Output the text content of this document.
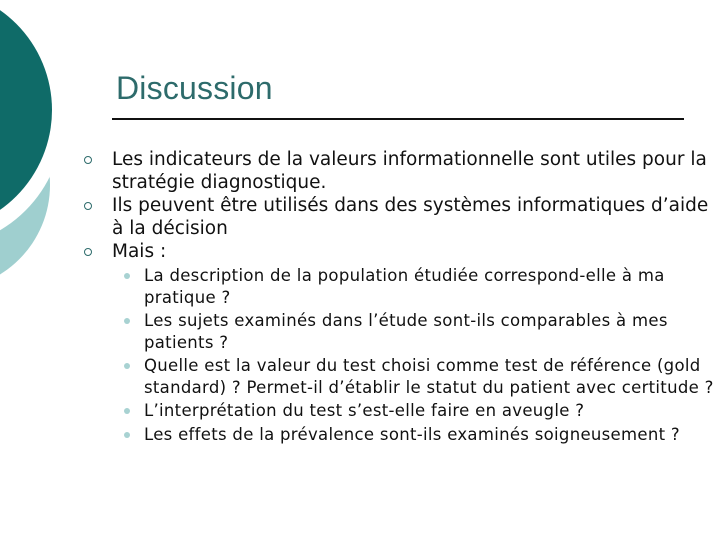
Discussion
Les indicateurs de la valeurs informationnelle sont utiles pour la stratégie diagnostique.
Ils peuvent être utilisés dans des systèmes informatiques d’aide à la décision
Mais :
La description de la population étudiée correspond-elle à ma pratique ?
Les sujets examinés dans l’étude sont-ils comparables à mes patients ?
Quelle est la valeur du test choisi comme test de référence (gold standard) ? Permet-il d’établir le statut du patient avec certitude ?
L’interprétation du test s’est-elle faire en aveugle ?
Les effets de la prévalence sont-ils examinés soigneusement ?
